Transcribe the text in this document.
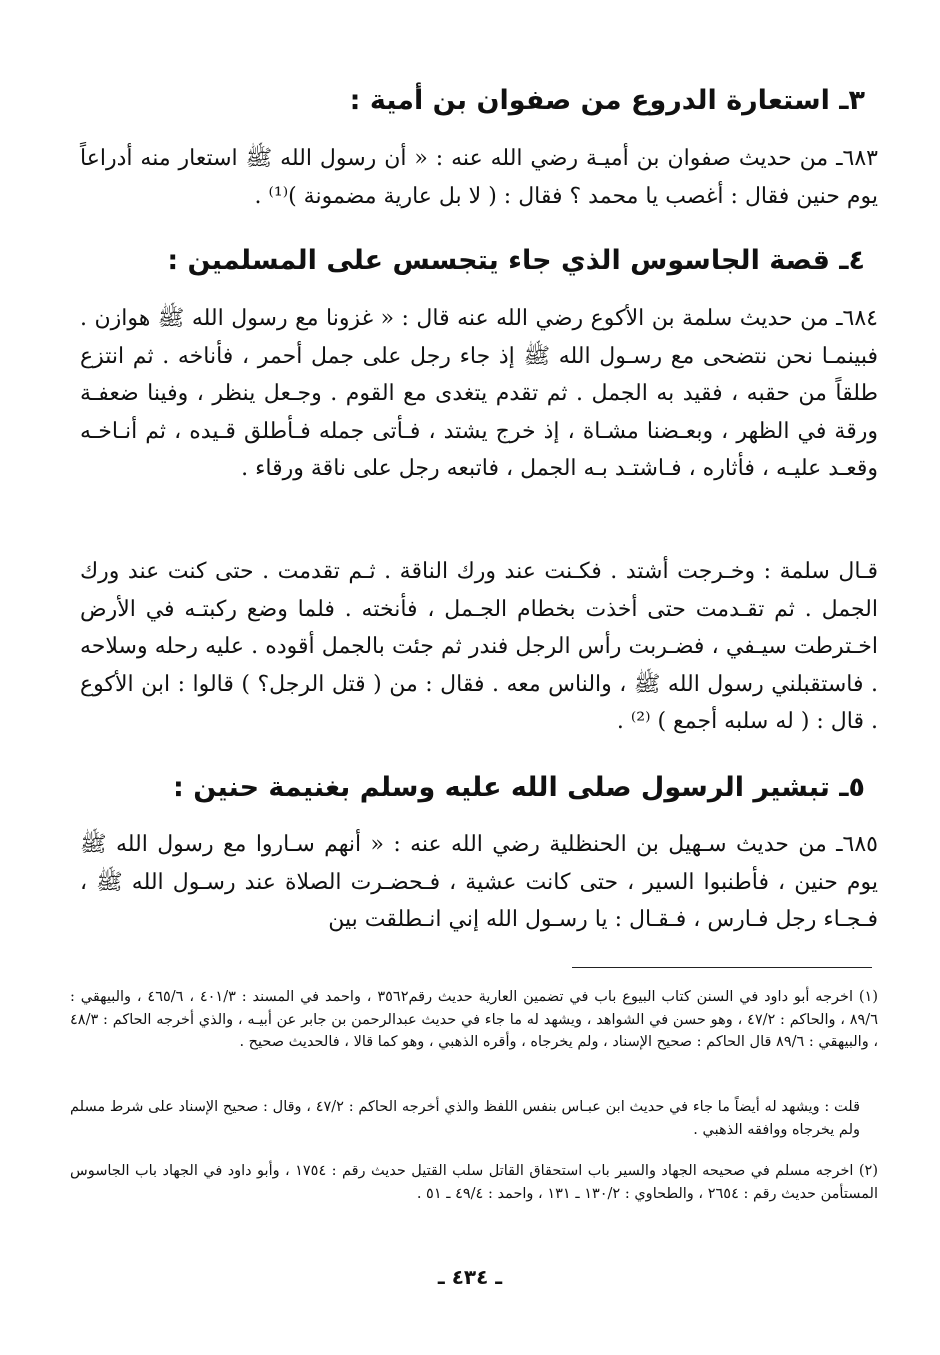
٣ـ استعارة الدروع من صفوان بن أمية :

٦٨٣ـ من حديث صفوان بن أميـة رضي الله عنه : « أن رسول الله ﷺ استعار منه أدراعاً يوم حنين فقال : أغصب يا محمد ؟ فقال : ( لا بل عارية مضمونة )⁽¹⁾ .

٤ـ قصة الجاسوس الذي جاء يتجسس على المسلمين :

٦٨٤ـ من حديث سلمة بن الأكوع رضي الله عنه قال : « غزونا مع رسول الله ﷺ هوازن . فبينمـا نحن نتضحى مع رسـول الله ﷺ إذ جاء رجل على جمل أحمر ، فأناخه . ثم انتزع طلقاً من حقبه ، فقيد به الجمل . ثم تقدم يتغدى مع القوم . وجـعل ينظر ، وفينا ضعفـة ورقة في الظهر ، وبعـضنا مشـاة ، إذ خرج يشتد ، فـأتى جمله فـأطلق قـيده ، ثم أنـاخـه وقعـد عليـه ، فأثاره ، فـاشتـد بـه الجمل ، فاتبعه رجل على ناقة ورقاء .

قـال سلمة : وخـرجت أشتد . فكـنت عند ورك الناقة . ثـم تقدمت . حتى كنت عند ورك الجمل . ثم تقـدمت حتى أخذت بخطام الجـمل ، فأنخته . فلما وضع ركبتـه في الأرض اخـترطت سيـفي ، فضـربت رأس الرجل فندر ثم جئت بالجمل أقوده . عليه رحله وسلاحه . فاستقبلني رسول الله ﷺ ، والناس معه . فقال : من ( قتل الرجل؟ ) قالوا : ابن الأكوع . قال : ( له سلبه أجمع ) ⁽²⁾ .

٥ـ تبشير الرسول صلى الله عليه وسلم بغنيمة حنين :

٦٨٥ـ من حديث سـهيل بن الحنظلية رضي الله عنه : « أنهم سـاروا مع رسول الله ﷺ يوم حنين ، فأطنبوا السير ، حتى كانت عشية ، فـحضـرت الصلاة عند رسـول الله ﷺ ، فـجـاء رجل فـارس ، فـقـال : يا رسـول الله إني انـطلقت بين

(١) اخرجه أبو داود في السنن كتاب البيوع باب في تضمين العارية حديث رقم٣٥٦٢ ، واحمد في المسند : ٤٠١/٣ ، ٤٦٥/٦ ، والبيهقي : ٨٩/٦ ، والحاكم : ٤٧/٢ ، وهو حسن في الشواهد ، ويشهد له ما جاء في حديث عبدالرحمن بن جابر عن أبيـه ، والذي أخرجه الحاكم : ٤٨/٣ ، والبيهقي : ٨٩/٦ قال الحاكم : صحيح الإسناد ، ولم يخرجاه ، وأقره الذهبي ، وهو كما قالا ، فالحديث صحيح .

قلت : ويشهد له أيضاً ما جاء في حديث ابن عبـاس بنفس اللفظ والذي أخرجه الحاكم : ٤٧/٢ ، وقال : صحيح الإسناد على شرط مسلم ولم يخرجاه ووافقه الذهبي .

(٢) اخرجه مسلم في صحيحه الجهاد والسير باب استحقاق القاتل سلب القتيل حديث رقم : ١٧٥٤ ، وأبو داود في الجهاد باب الجاسوس المستأمن حديث رقم : ٢٦٥٤ ، والطحاوي : ١٣٠/٢ ـ ١٣١ ، واحمد : ٤٩/٤ ـ ٥١ .

ـ ٤٣٤ ـ
